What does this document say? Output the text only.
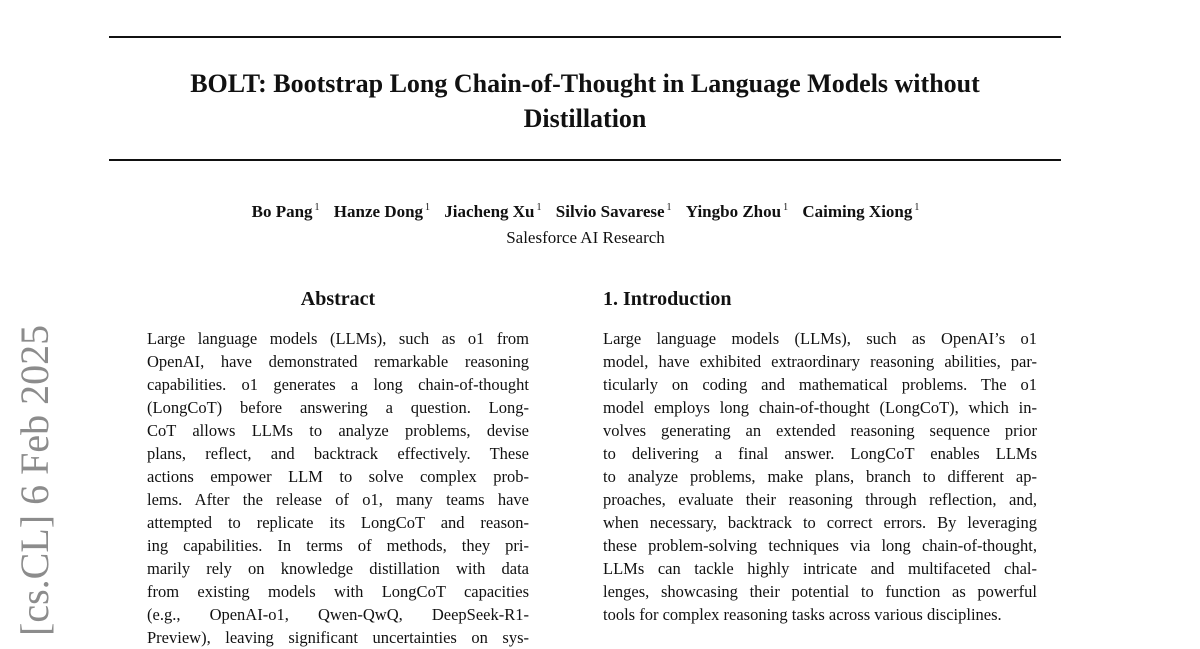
BOLT: Bootstrap Long Chain-of-Thought in Language Models without
Distillation
Bo Pang $^1$ Hanze Dong $^1$ Jiacheng Xu $^1$ Silvio Savarese $^1$ Yingbo Zhou $^1$ Caiming Xiong $^1$
Salesforce AI Research
[cs.CL] 6 Feb 2025
Abstract
Large language models (LLMs), such as o1 from
OpenAI, have demonstrated remarkable reasoning
capabilities. o1 generates a long chain-of-thought
(LongCoT) before answering a question. Long-
CoT allows LLMs to analyze problems, devise
plans, reflect, and backtrack effectively. These
actions empower LLM to solve complex prob-
lems. After the release of o1, many teams have
attempted to replicate its LongCoT and reason-
ing capabilities. In terms of methods, they pri-
marily rely on knowledge distillation with data
from existing models with LongCoT capacities
(e.g., OpenAI-o1, Qwen-QwQ, DeepSeek-R1-
Preview), leaving significant uncertainties on sys-
1. Introduction
Large language models (LLMs), such as OpenAI’s o1
model, have exhibited extraordinary reasoning abilities, par-
ticularly on coding and mathematical problems. The o1
model employs long chain-of-thought (LongCoT), which in-
volves generating an extended reasoning sequence prior
to delivering a final answer. LongCoT enables LLMs
to analyze problems, make plans, branch to different ap-
proaches, evaluate their reasoning through reflection, and,
when necessary, backtrack to correct errors. By leveraging
these problem-solving techniques via long chain-of-thought,
LLMs can tackle highly intricate and multifaceted chal-
lenges, showcasing their potential to function as powerful
tools for complex reasoning tasks across various disciplines.
